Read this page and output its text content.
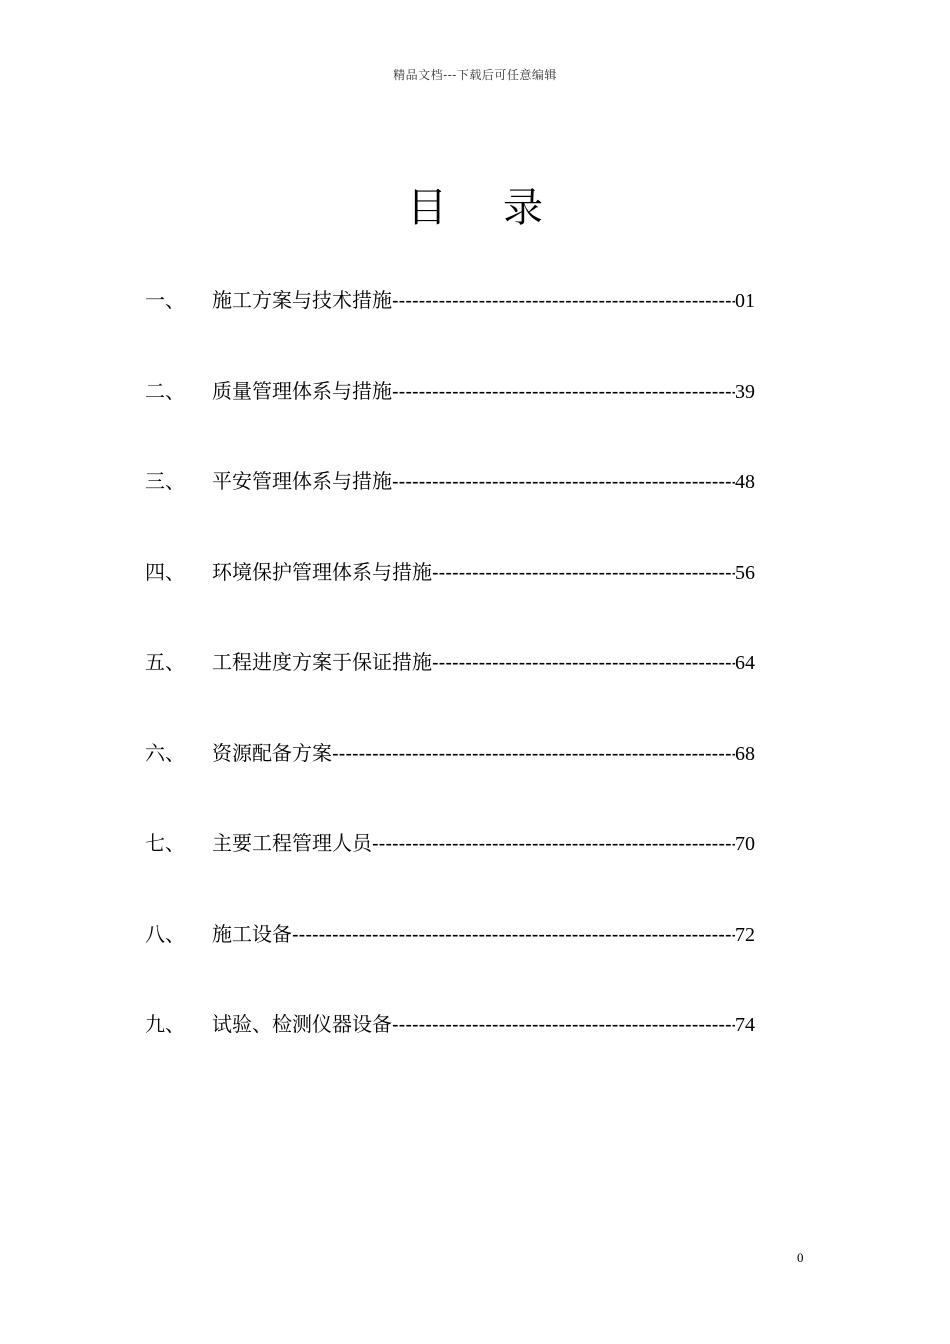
精品文档---下载后可任意编辑
目 录
一、	施工方案与技术措施 -----	01
二、	质量管理体系与措施 -----	39
三、	平安管理体系与措施 -----	48
四、	环境保护管理体系与措施 -----	56
五、	工程进度方案于保证措施 -----	64
六、	资源配备方案 -----	68
七、	主要工程管理人员 -----	70
八、	施工设备 -----	72
九、	试验、检测仪器设备 -----	74
0
